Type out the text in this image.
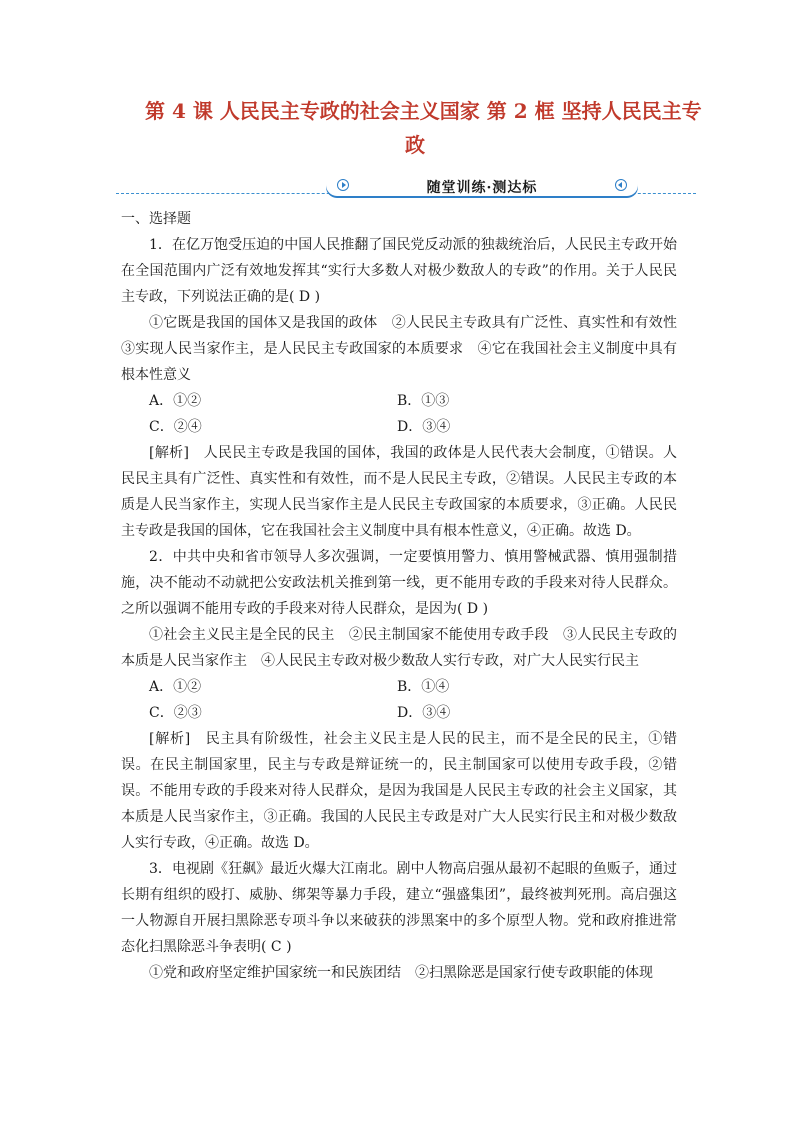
第 4 课 人民民主专政的社会主义国家 第 2 框 坚持人民民主专
政
随堂训练·测达标

一、选择题

1．在亿万饱受压迫的中国人民推翻了国民党反动派的独裁统治后，人民民主专政开始在全国范围内广泛有效地发挥其“实行大多数人对极少数敌人的专政”的作用。关于人民民主专政，下列说法正确的是( D )

①它既是我国的国体又是我国的政体　②人民民主专政具有广泛性、真实性和有效性③实现人民当家作主，是人民民主专政国家的本质要求　④它在我国社会主义制度中具有根本性意义

A．①②	B．①③
C．②④	D．③④

[解析]　人民民主专政是我国的国体，我国的政体是人民代表大会制度，①错误。人民民主具有广泛性、真实性和有效性，而不是人民民主专政，②错误。人民民主专政的本质是人民当家作主，实现人民当家作主是人民民主专政国家的本质要求，③正确。人民民主专政是我国的国体，它在我国社会主义制度中具有根本性意义，④正确。故选 D。

2．中共中央和省市领导人多次强调，一定要慎用警力、慎用警械武器、慎用强制措施，决不能动不动就把公安政法机关推到第一线，更不能用专政的手段来对待人民群众。之所以强调不能用专政的手段来对待人民群众，是因为( D )

①社会主义民主是全民的民主　②民主制国家不能使用专政手段　③人民民主专政的本质是人民当家作主　④人民民主专政对极少数敌人实行专政，对广大人民实行民主

A．①②	B．①④
C．②③	D．③④

[解析]　民主具有阶级性，社会主义民主是人民的民主，而不是全民的民主，①错误。在民主制国家里，民主与专政是辩证统一的，民主制国家可以使用专政手段，②错误。不能用专政的手段来对待人民群众，是因为我国是人民民主专政的社会主义国家，其本质是人民当家作主，③正确。我国的人民民主专政是对广大人民实行民主和对极少数敌人实行专政，④正确。故选 D。

3．电视剧《狂飙》最近火爆大江南北。剧中人物高启强从最初不起眼的鱼贩子，通过长期有组织的殴打、威胁、绑架等暴力手段，建立“强盛集团”，最终被判死刑。高启强这一人物源自开展扫黑除恶专项斗争以来破获的涉黑案中的多个原型人物。党和政府推进常态化扫黑除恶斗争表明( C )

①党和政府坚定维护国家统一和民族团结　②扫黑除恶是国家行使专政职能的体现
